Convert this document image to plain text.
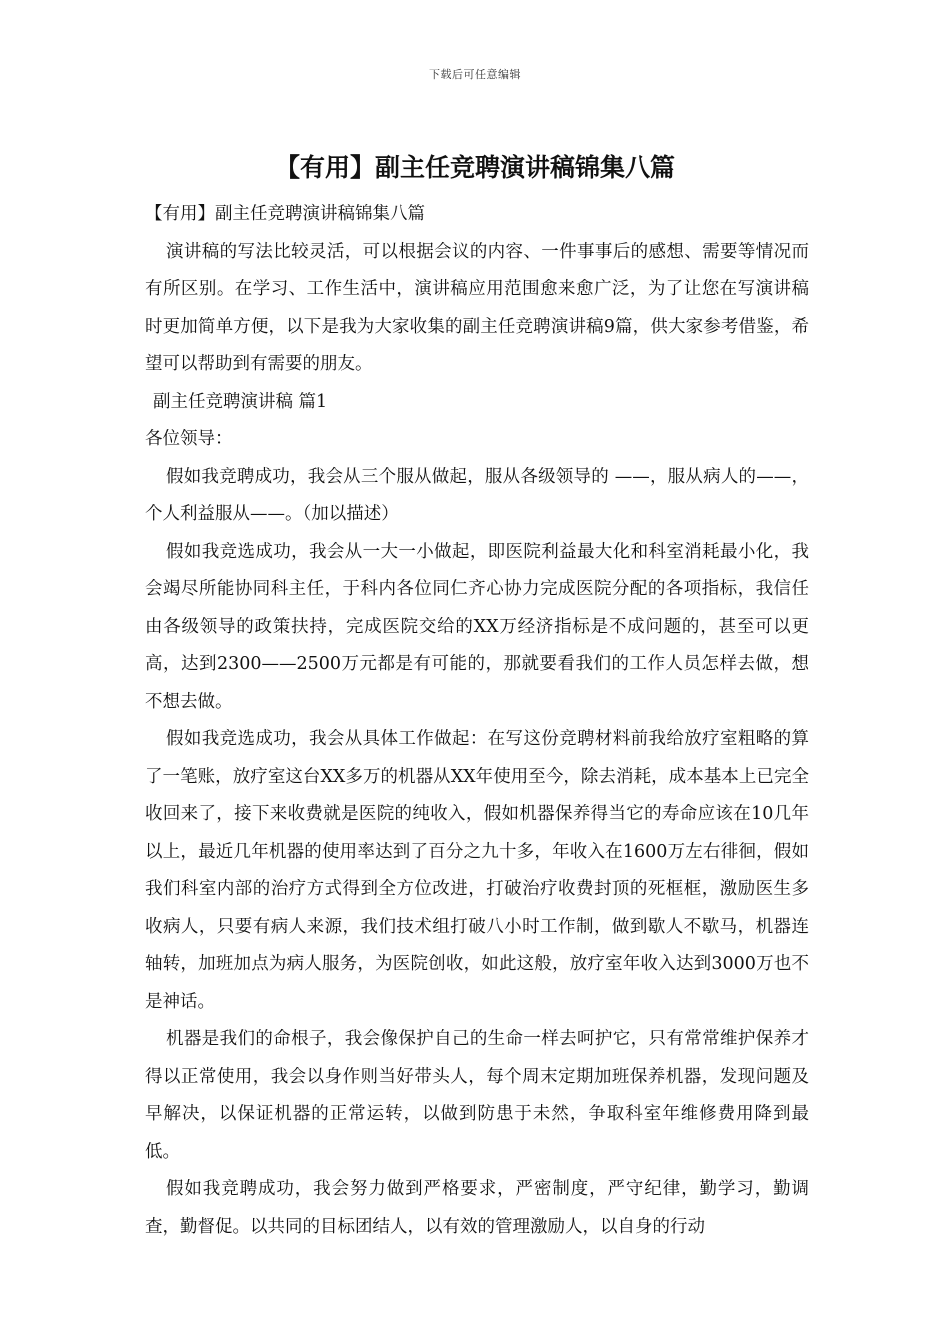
下载后可任意编辑
【有用】副主任竞聘演讲稿锦集八篇

【有用】副主任竞聘演讲稿锦集八篇

演讲稿的写法比较灵活，可以根据会议的内容、一件事事后的感想、需要等情况而有所区别。在学习、工作生活中，演讲稿应用范围愈来愈广泛，为了让您在写演讲稿时更加简单方便，以下是我为大家收集的副主任竞聘演讲稿9篇，供大家参考借鉴，希望可以帮助到有需要的朋友。

副主任竞聘演讲稿 篇1

各位领导：

假如我竞聘成功，我会从三个服从做起，服从各级领导的 ——，服从病人的——，个人利益服从——。（加以描述）

假如我竞选成功，我会从一大一小做起，即医院利益最大化和科室消耗最小化，我会竭尽所能协同科主任，于科内各位同仁齐心协力完成医院分配的各项指标，我信任由各级领导的政策扶持，完成医院交给的XX万经济指标是不成问题的，甚至可以更高，达到2300——2500万元都是有可能的，那就要看我们的工作人员怎样去做，想不想去做。

假如我竞选成功，我会从具体工作做起：在写这份竞聘材料前我给放疗室粗略的算了一笔账，放疗室这台XX多万的机器从XX年使用至今，除去消耗，成本基本上已完全收回来了，接下来收费就是医院的纯收入，假如机器保养得当它的寿命应该在10几年以上，最近几年机器的使用率达到了百分之九十多，年收入在1600万左右徘徊，假如我们科室内部的治疗方式得到全方位改进，打破治疗收费封顶的死框框，激励医生多收病人，只要有病人来源，我们技术组打破八小时工作制，做到歇人不歇马，机器连轴转，加班加点为病人服务，为医院创收，如此这般，放疗室年收入达到3000万也不是神话。

机器是我们的命根子，我会像保护自己的生命一样去呵护它，只有常常维护保养才得以正常使用，我会以身作则当好带头人，每个周末定期加班保养机器，发现问题及早解决，以保证机器的正常运转，以做到防患于未然，争取科室年维修费用降到最低。

假如我竞聘成功，我会努力做到严格要求，严密制度，严守纪律，勤学习，勤调查，勤督促。以共同的目标团结人，以有效的管理激励人，以自身的行动
